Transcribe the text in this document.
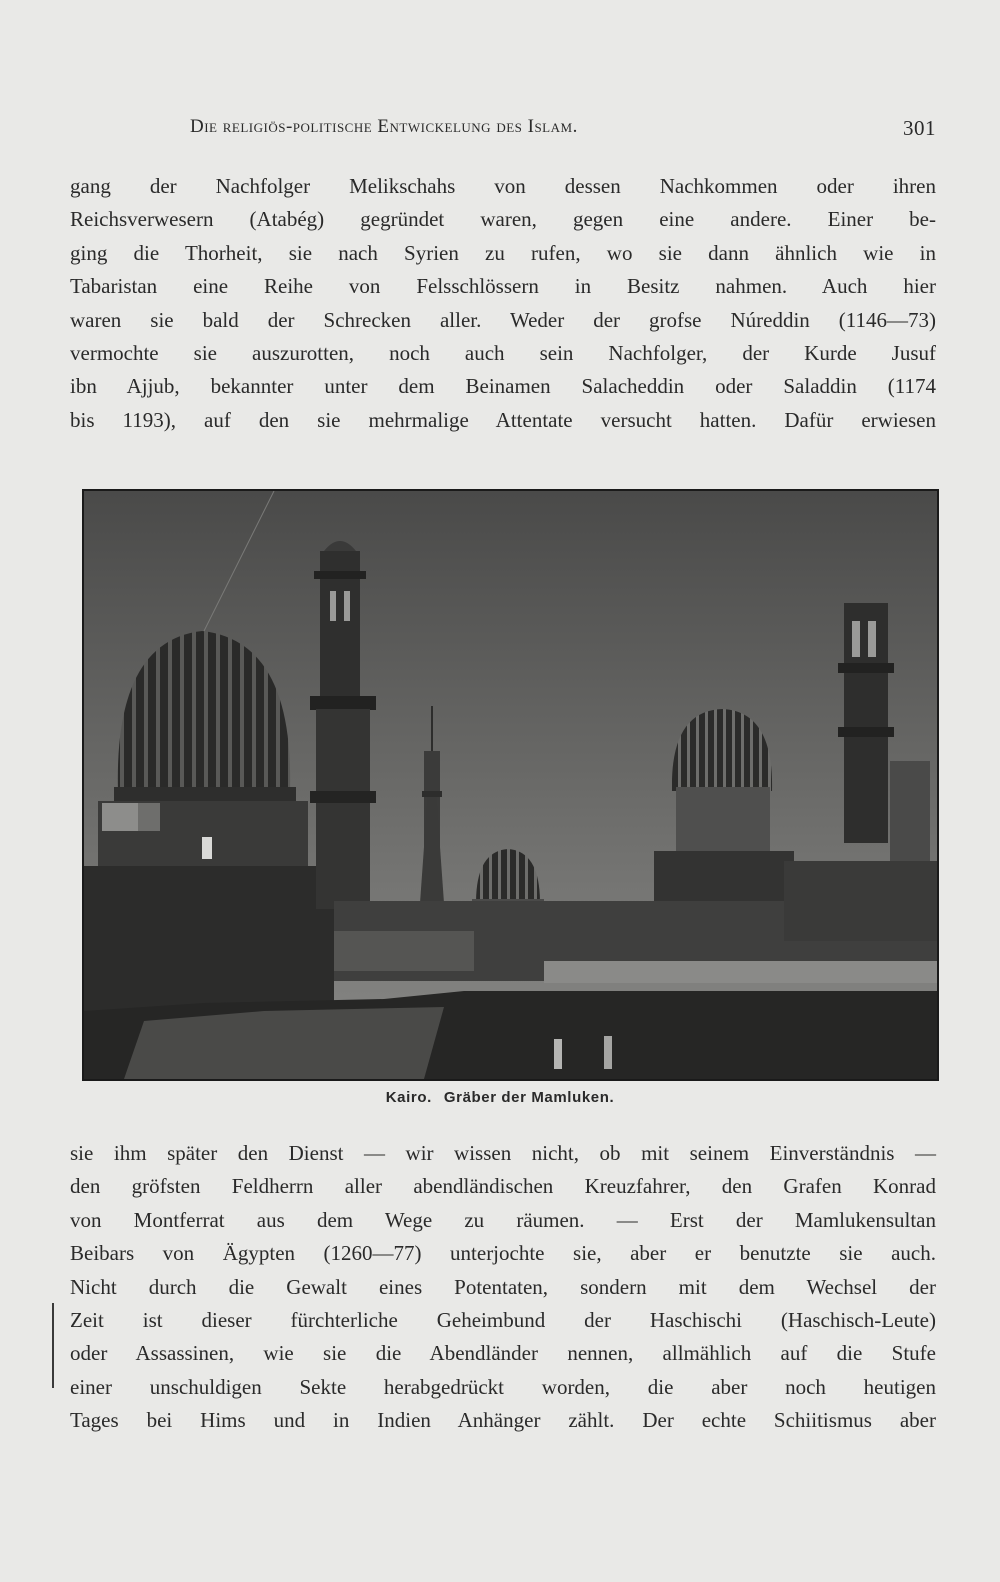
Die religiös-politische Entwickelung des Islam.	301
gang der Nachfolger Melikschahs von dessen Nachkommen oder ihren
Reichsverwesern (Atabég) gegründet waren, gegen eine andere. Einer be-
ging die Thorheit, sie nach Syrien zu rufen, wo sie dann ähnlich wie in
Tabaristan eine Reihe von Felsschlössern in Besitz nahmen. Auch hier
waren sie bald der Schrecken aller. Weder der grofse Núreddin (1146—73)
vermochte sie auszurotten, noch auch sein Nachfolger, der Kurde Jusuf
ibn Ajjub, bekannter unter dem Beinamen Salacheddin oder Saladdin (1174
bis 1193), auf den sie mehrmalige Attentate versucht hatten. Dafür erwiesen
Kairo. Gräber der Mamluken.
sie ihm später den Dienst — wir wissen nicht, ob mit seinem Einverständnis —
den gröfsten Feldherrn aller abendländischen Kreuzfahrer, den Grafen Konrad
von Montferrat aus dem Wege zu räumen. — Erst der Mamlukensultan
Beibars von Ägypten (1260—77) unterjochte sie, aber er benutzte sie auch.
Nicht durch die Gewalt eines Potentaten, sondern mit dem Wechsel der
Zeit ist dieser fürchterliche Geheimbund der Haschischi (Haschisch-Leute)
oder Assassinen, wie sie die Abendländer nennen, allmählich auf die Stufe
einer unschuldigen Sekte herabgedrückt worden, die aber noch heutigen
Tages bei Hims und in Indien Anhänger zählt. Der echte Schiitismus aber
